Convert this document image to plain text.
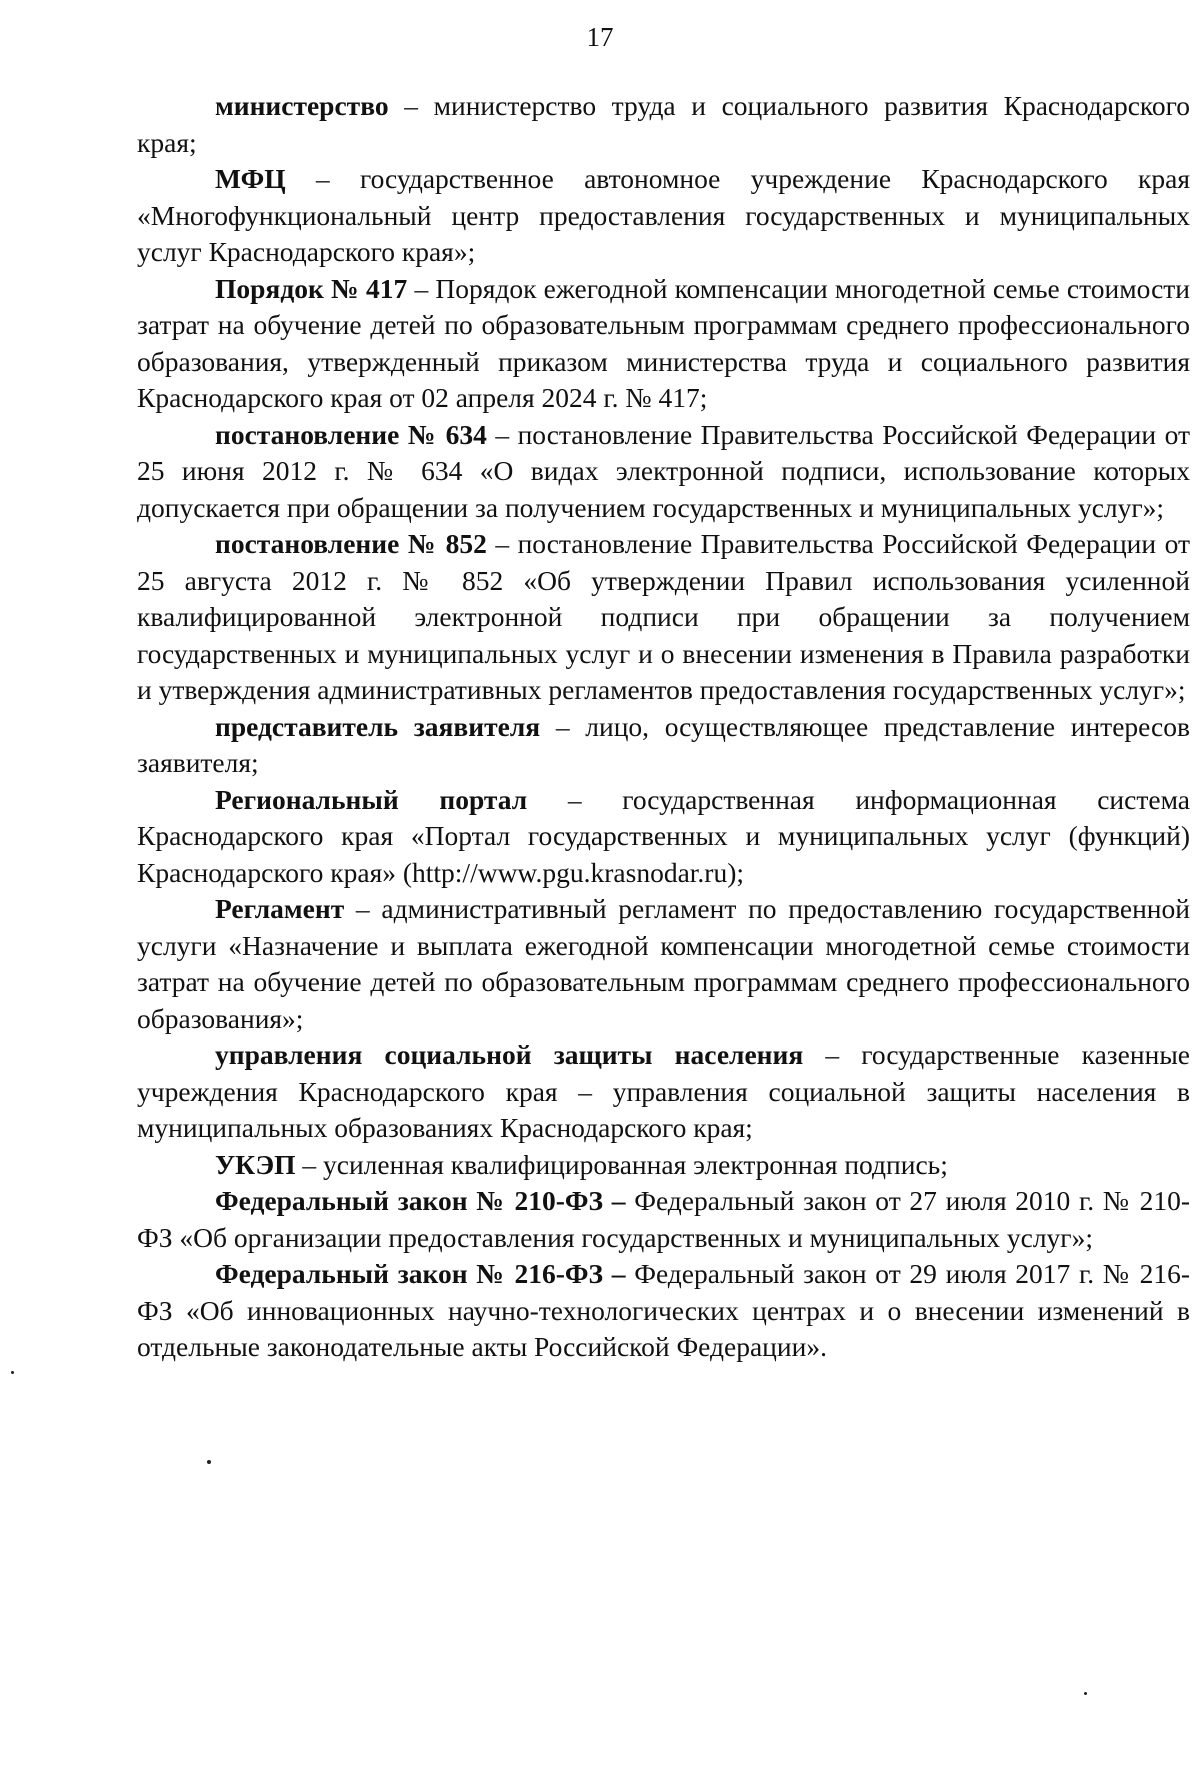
17

министерство – министерство труда и социального развития Краснодарского края;

МФЦ – государственное автономное учреждение Краснодарского края «Многофункциональный центр предоставления государственных и муниципальных услуг Краснодарского края»;

Порядок № 417 – Порядок ежегодной компенсации многодетной семье стоимости затрат на обучение детей по образовательным программам среднего профессионального образования, утвержденный приказом министерства труда и социального развития Краснодарского края от 02 апреля 2024 г. № 417;

постановление № 634 – постановление Правительства Российской Федерации от 25 июня 2012 г. № 634 «О видах электронной подписи, использование которых допускается при обращении за получением государственных и муниципальных услуг»;

постановление № 852 – постановление Правительства Российской Федерации от 25 августа 2012 г. № 852 «Об утверждении Правил использования усиленной квалифицированной электронной подписи при обращении за получением государственных и муниципальных услуг и о внесении изменения в Правила разработки и утверждения административных регламентов предоставления государственных услуг»;

представитель заявителя – лицо, осуществляющее представление интересов заявителя;

Региональный портал – государственная информационная система Краснодарского края «Портал государственных и муниципальных услуг (функций) Краснодарского края» (http://www.pgu.krasnodar.ru);

Регламент – административный регламент по предоставлению государственной услуги «Назначение и выплата ежегодной компенсации многодетной семье стоимости затрат на обучение детей по образовательным программам среднего профессионального образования»;

управления социальной защиты населения – государственные казенные учреждения Краснодарского края – управления социальной защиты населения в муниципальных образованиях Краснодарского края;

УКЭП – усиленная квалифицированная электронная подпись;

Федеральный закон № 210-ФЗ – Федеральный закон от 27 июля 2010 г. № 210-ФЗ «Об организации предоставления государственных и муниципальных услуг»;

Федеральный закон № 216-ФЗ – Федеральный закон от 29 июля 2017 г. № 216-ФЗ «Об инновационных научно-технологических центрах и о внесении изменений в отдельные законодательные акты Российской Федерации».
